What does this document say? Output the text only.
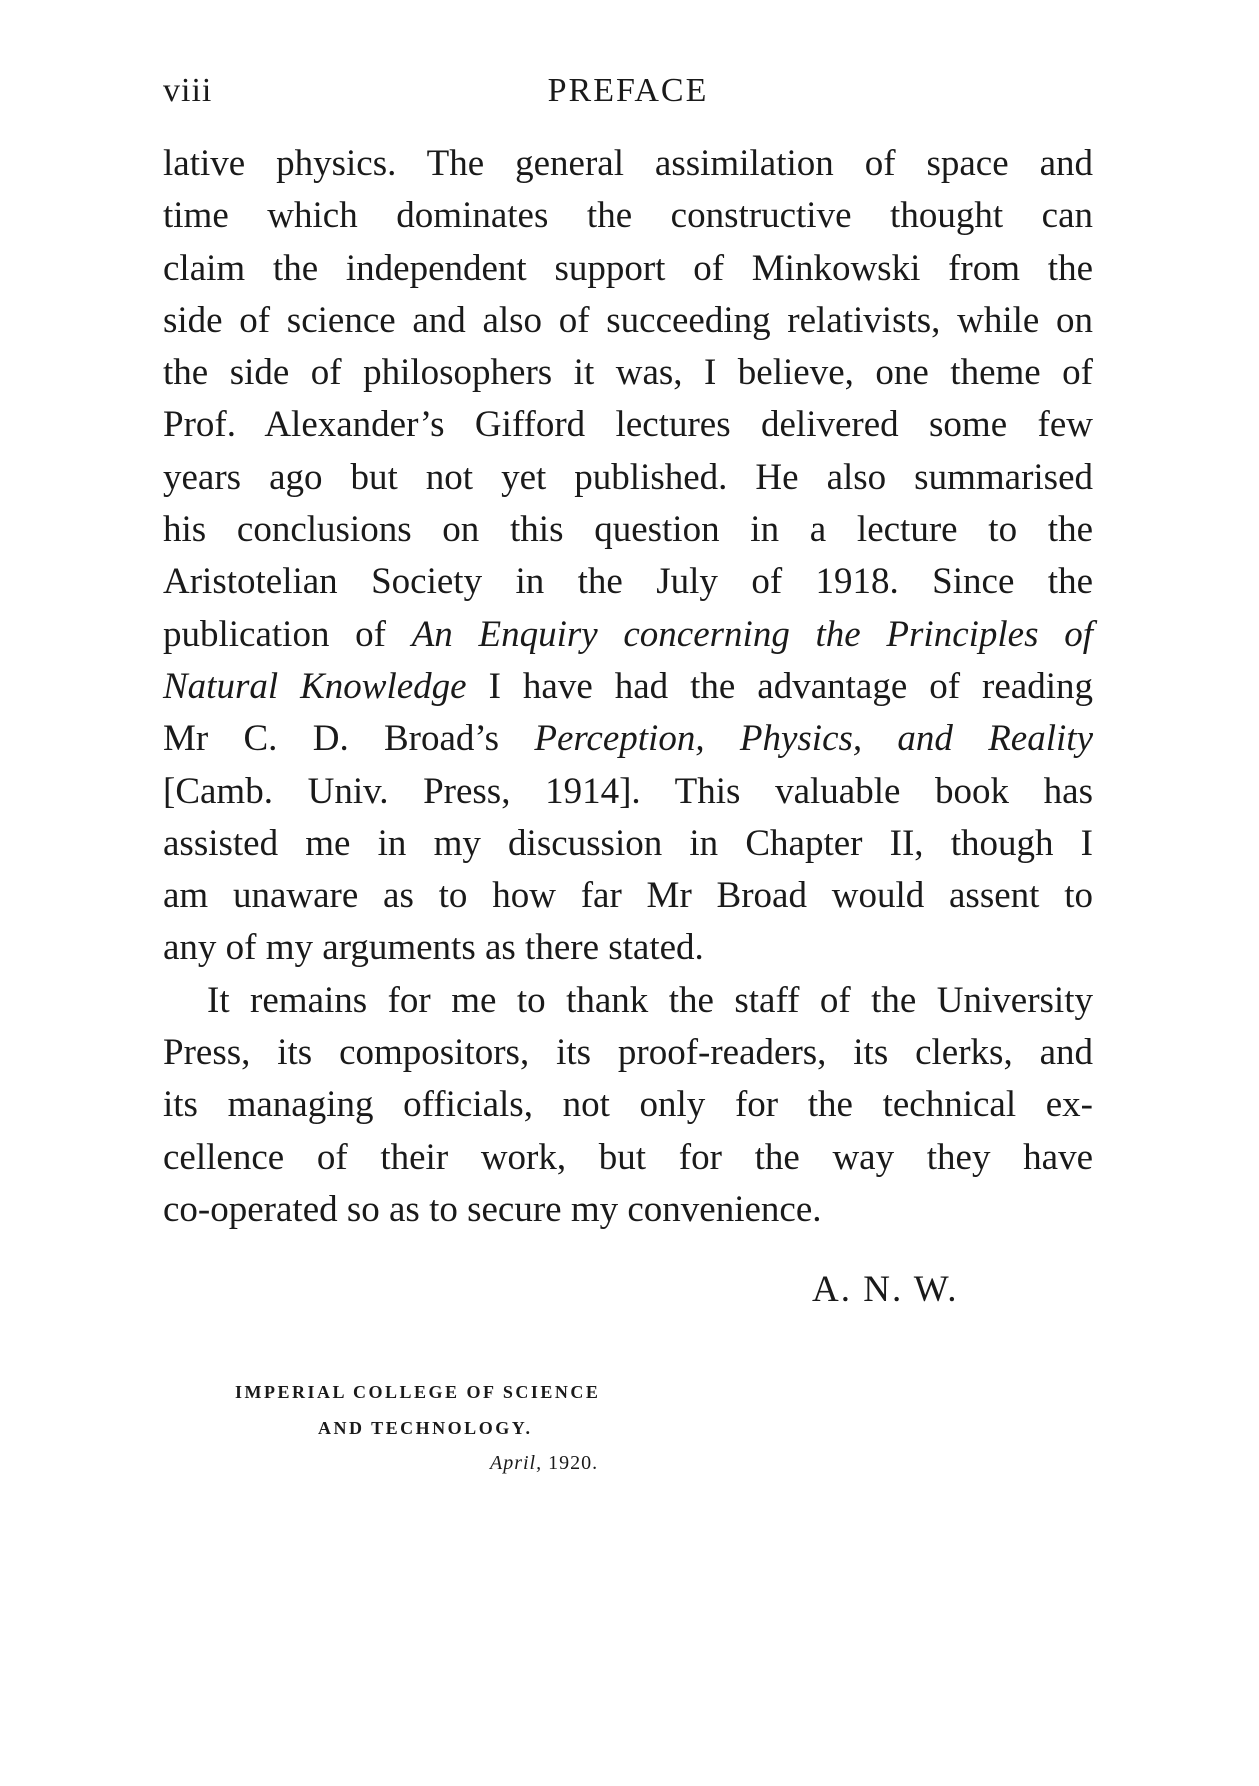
viii	PREFACE
lative physics. The general assimilation of space and
time which dominates the constructive thought can
claim the independent support of Minkowski from the
side of science and also of succeeding relativists, while on
the side of philosophers it was, I believe, one theme of
Prof. Alexander’s Gifford lectures delivered some few
years ago but not yet published. He also summarised
his conclusions on this question in a lecture to the
Aristotelian Society in the July of 1918. Since the
publication of An Enquiry concerning the Principles of
Natural Knowledge I have had the advantage of reading
Mr C. D. Broad’s Perception, Physics, and Reality
[Camb. Univ. Press, 1914]. This valuable book has
assisted me in my discussion in Chapter II, though I
am unaware as to how far Mr Broad would assent to
any of my arguments as there stated.
It remains for me to thank the staff of the University
Press, its compositors, its proof-readers, its clerks, and
its managing officials, not only for the technical ex-
cellence of their work, but for the way they have
co-operated so as to secure my convenience.
A. N. W.
IMPERIAL COLLEGE OF SCIENCE
AND TECHNOLOGY.
April, 1920.
